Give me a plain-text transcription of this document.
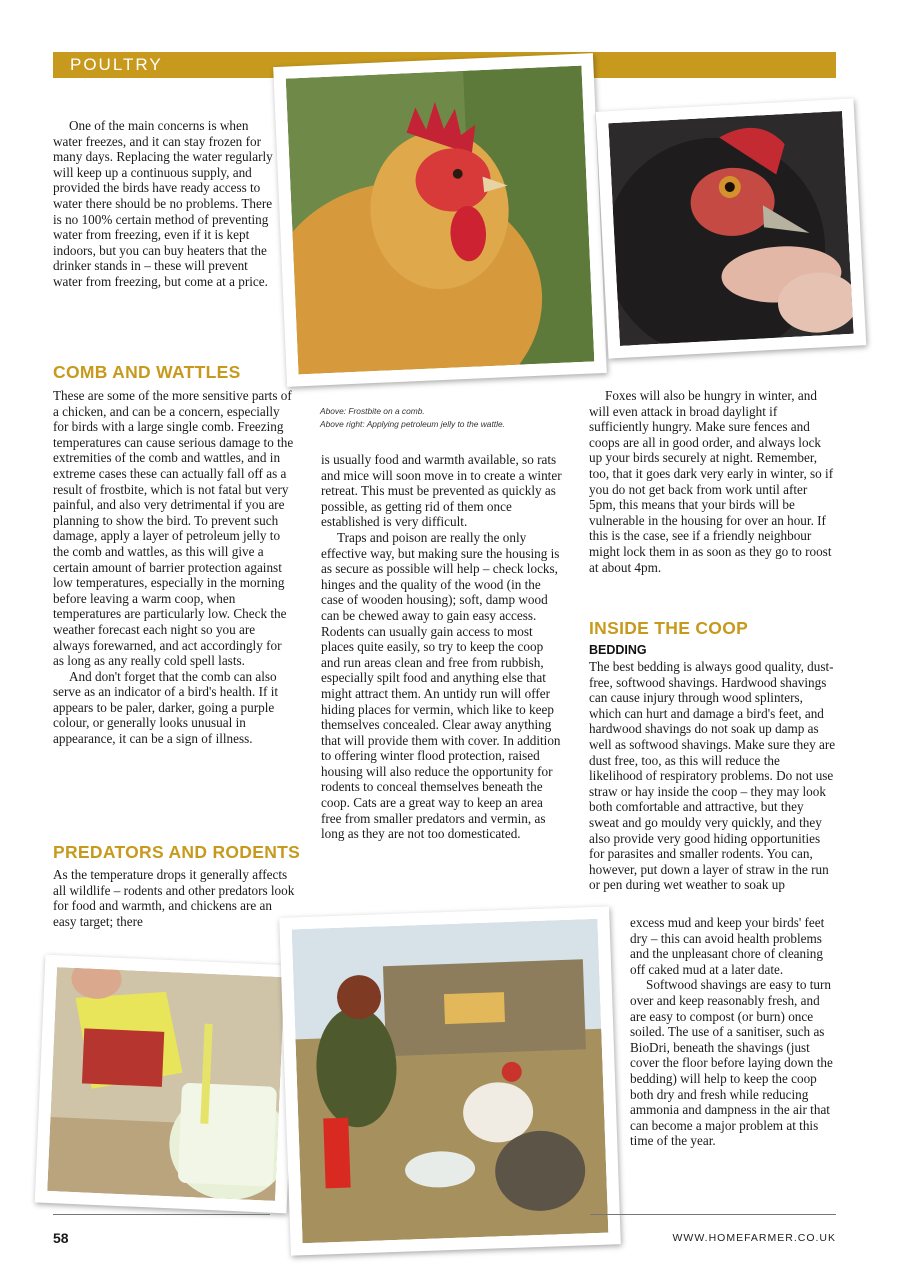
POULTRY

One of the main concerns is when water freezes, and it can stay frozen for many days. Replacing the water regularly will keep up a continuous supply, and provided the birds have ready access to water there should be no problems. There is no 100% certain method of preventing water from freezing, even if it is kept indoors, but you can buy heaters that the drinker stands in – these will prevent water from freezing, but come at a price.

COMB AND WATTLES

These are some of the more sensitive parts of a chicken, and can be a concern, especially for birds with a large single comb. Freezing temperatures can cause serious damage to the extremities of the comb and wattles, and in extreme cases these can actually fall off as a result of frostbite, which is not fatal but very painful, and also very detrimental if you are planning to show the bird. To prevent such damage, apply a layer of petroleum jelly to the comb and wattles, as this will give a certain amount of barrier protection against low temperatures, especially in the morning before leaving a warm coop, when temperatures are particularly low. Check the weather forecast each night so you are always forewarned, and act accordingly for as long as any really cold spell lasts.

And don't forget that the comb can also serve as an indicator of a bird's health. If it appears to be paler, darker, going a purple colour, or generally looks unusual in appearance, it can be a sign of illness.

PREDATORS AND RODENTS

As the temperature drops it generally affects all wildlife – rodents and other predators look for food and warmth, and chickens are an easy target; there

Above: Frostbite on a comb.
Above right: Applying petroleum jelly to the wattle.

is usually food and warmth available, so rats and mice will soon move in to create a winter retreat. This must be prevented as quickly as possible, as getting rid of them once established is very difficult.

Traps and poison are really the only effective way, but making sure the housing is as secure as possible will help – check locks, hinges and the quality of the wood (in the case of wooden housing); soft, damp wood can be chewed away to gain easy access. Rodents can usually gain access to most places quite easily, so try to keep the coop and run areas clean and free from rubbish, especially spilt food and anything else that might attract them. An untidy run will offer hiding places for vermin, which like to keep themselves concealed. Clear away anything that will provide them with cover. In addition to offering winter flood protection, raised housing will also reduce the opportunity for rodents to conceal themselves beneath the coop. Cats are a great way to keep an area free from smaller predators and vermin, as long as they are not too domesticated.

Foxes will also be hungry in winter, and will even attack in broad daylight if sufficiently hungry. Make sure fences and coops are all in good order, and always lock up your birds securely at night. Remember, too, that it goes dark very early in winter, so if you do not get back from work until after 5pm, this means that your birds will be vulnerable in the housing for over an hour. If this is the case, see if a friendly neighbour might lock them in as soon as they go to roost at about 4pm.

INSIDE THE COOP
BEDDING

The best bedding is always good quality, dust-free, softwood shavings. Hardwood shavings can cause injury through wood splinters, which can hurt and damage a bird's feet, and hardwood shavings do not soak up damp as well as softwood shavings. Make sure they are dust free, too, as this will reduce the likelihood of respiratory problems. Do not use straw or hay inside the coop – they may look both comfortable and attractive, but they sweat and go mouldy very quickly, and they also provide very good hiding opportunities for parasites and smaller rodents. You can, however, put down a layer of straw in the run or pen during wet weather to soak up

excess mud and keep your birds' feet dry – this can avoid health problems and the unpleasant chore of cleaning off caked mud at a later date.

Softwood shavings are easy to turn over and keep reasonably fresh, and are easy to compost (or burn) once soiled. The use of a sanitiser, such as BioDri, beneath the shavings (just cover the floor before laying down the bedding) will help to keep the coop both dry and fresh while reducing ammonia and dampness in the air that can become a major problem at this time of the year.

58	WWW.HOMEFARMER.CO.UK
